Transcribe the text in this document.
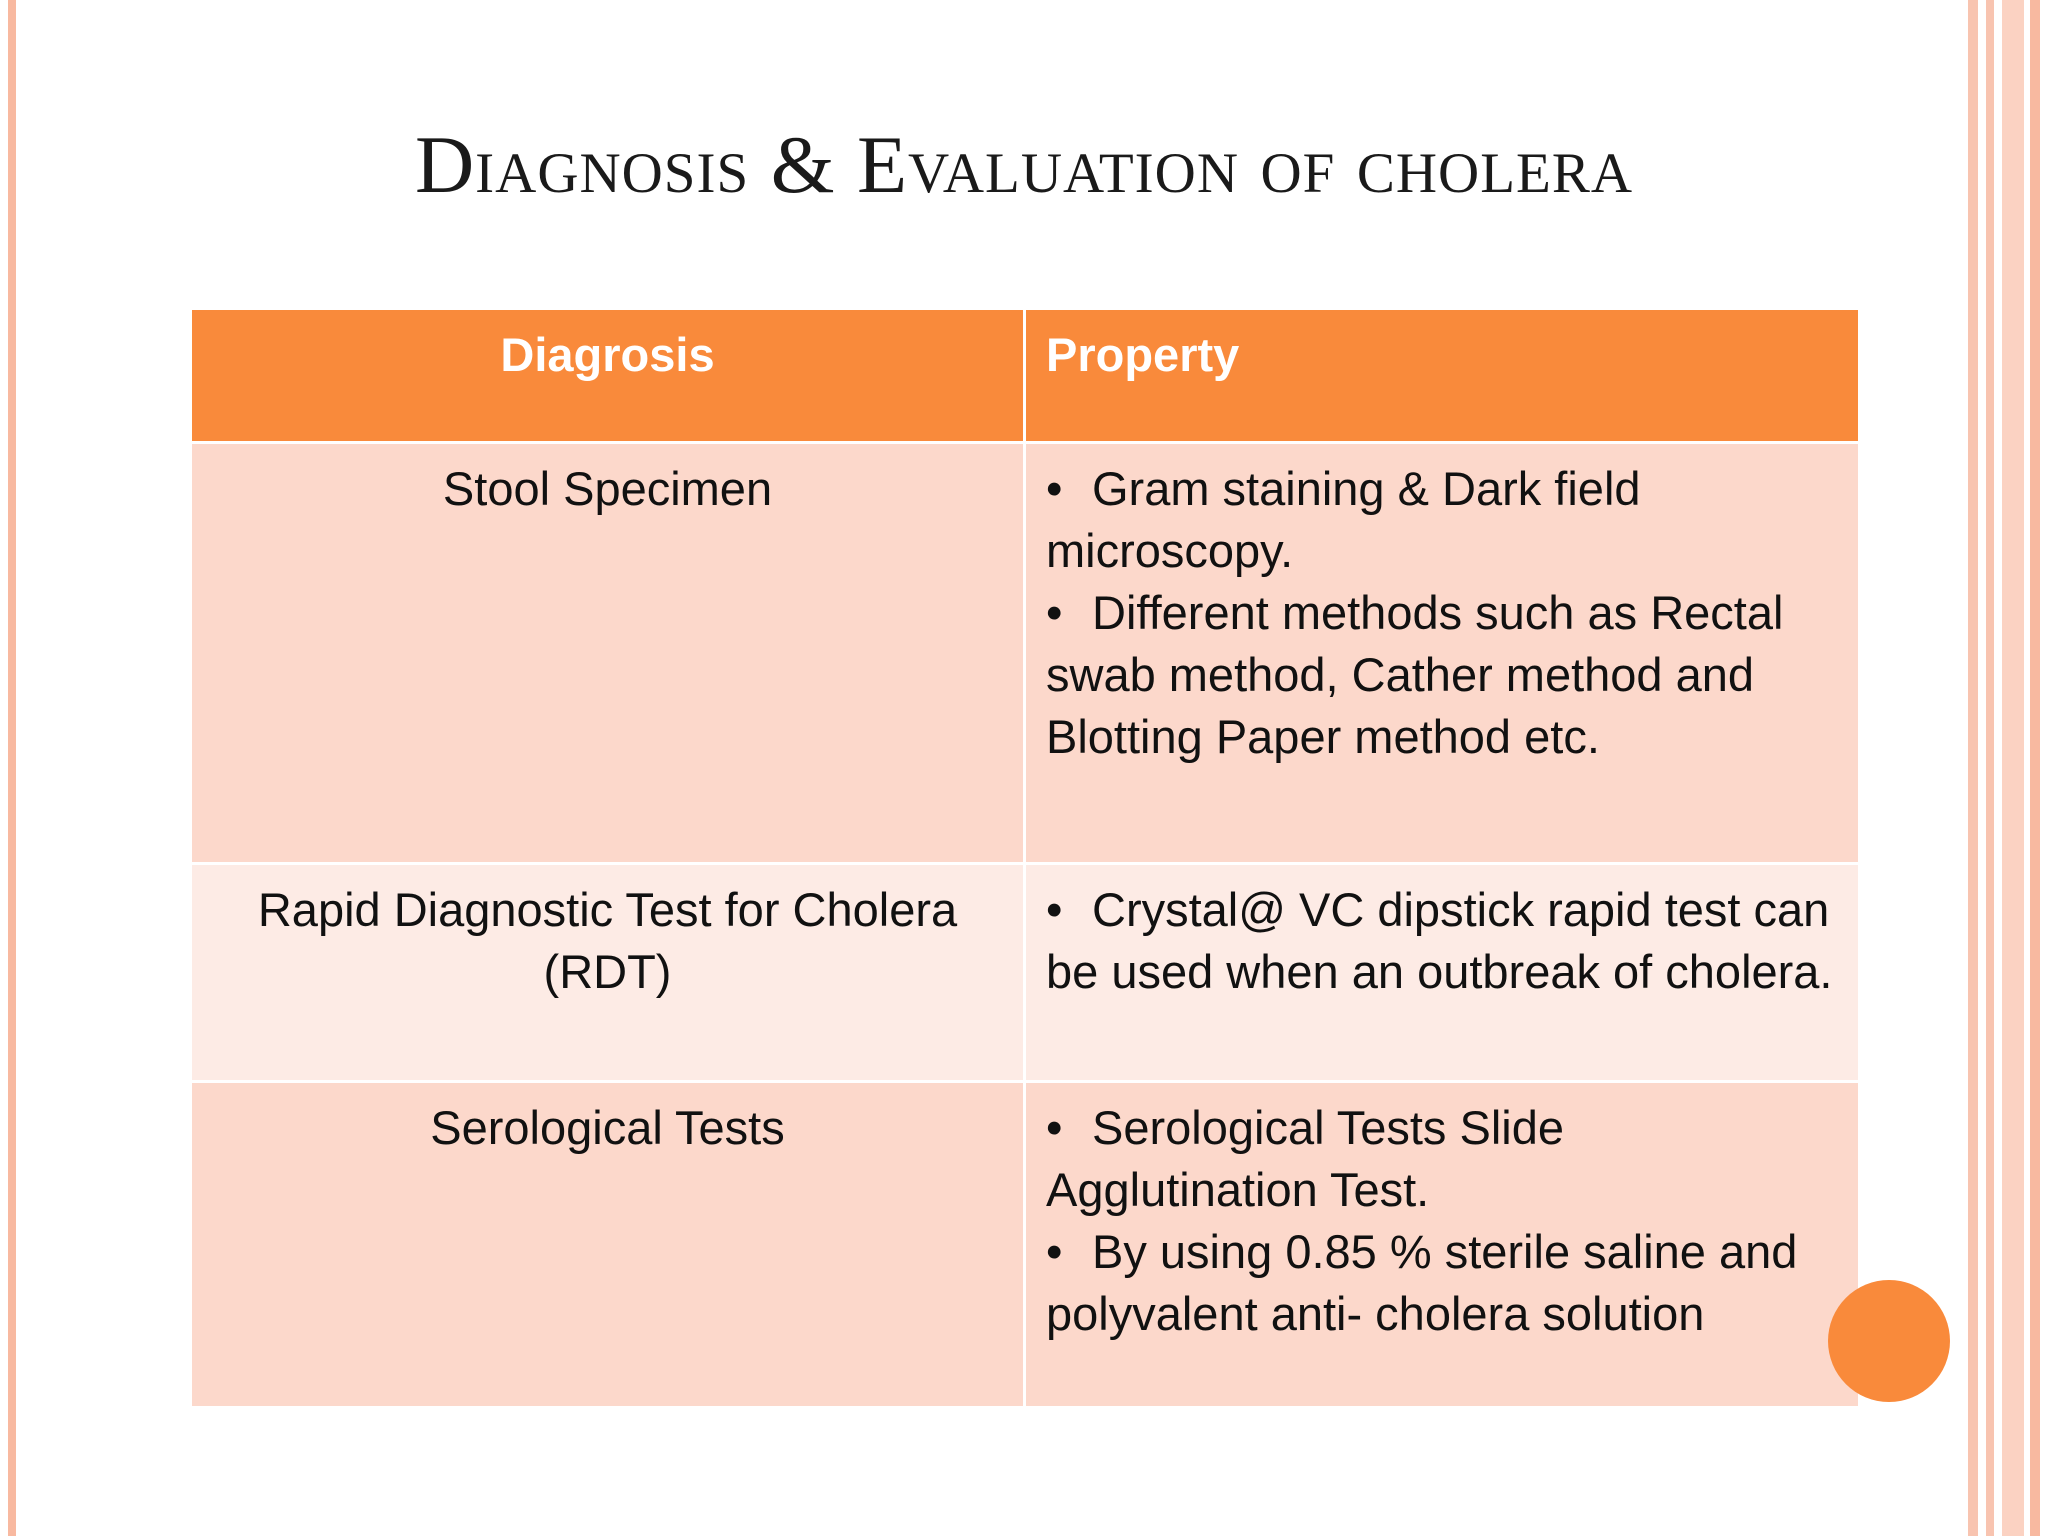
Diagnosis & Evaluation of cholera
Diagrosis	Property
Stool Specimen	• Gram staining & Dark field microscopy.
• Different methods such as Rectal swab method, Cather method and Blotting Paper method etc.

Rapid Diagnostic Test for Cholera (RDT)	• Crystal@ VC dipstick rapid test can be used when an outbreak of cholera.

Serological Tests	• Serological Tests Slide Agglutination Test.
• By using 0.85 % sterile saline and polyvalent anti- cholera solution
